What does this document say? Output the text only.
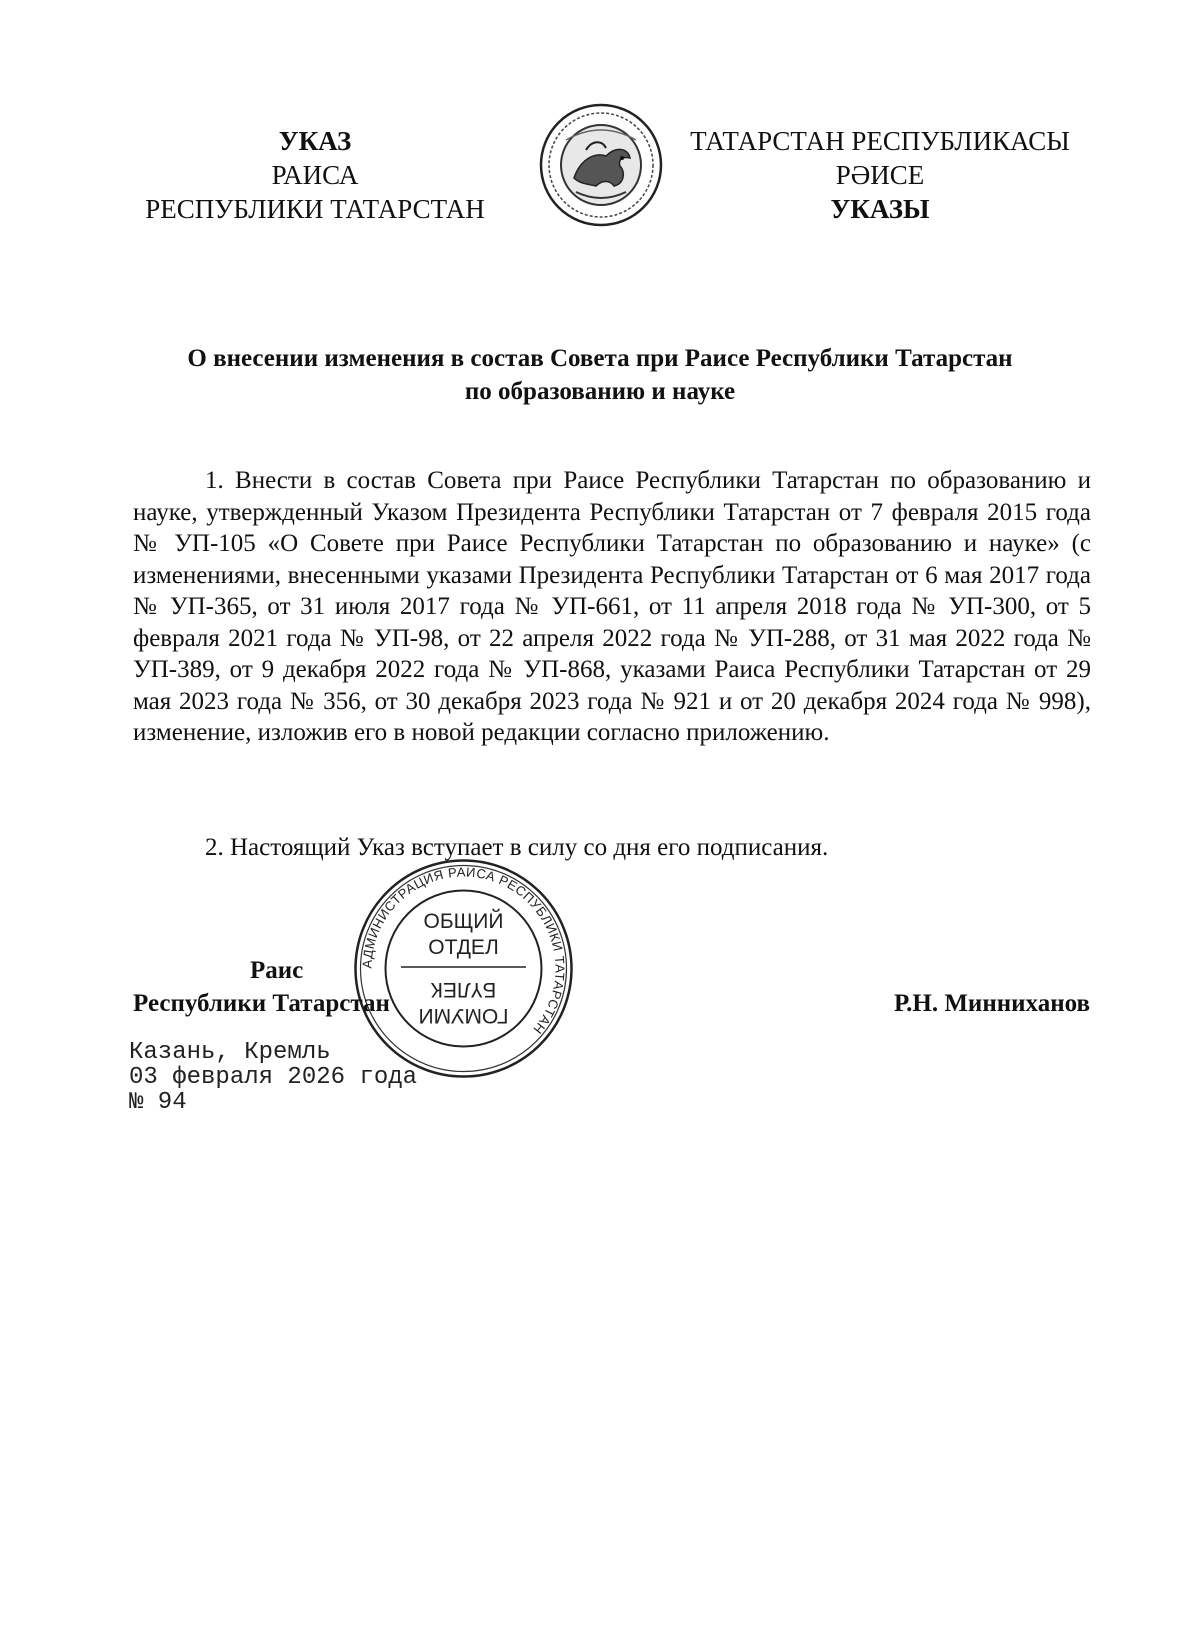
УКАЗ
РАИСА
РЕСПУБЛИКИ ТАТАРСТАН
ТАТАРСТАН РЕСПУБЛИКАСЫ
РӘИСЕ
УКАЗЫ
О внесении изменения в состав Совета при Раисе Республики Татарстан
по образованию и науке

1. Внести в состав Совета при Раисе Республики Татарстан по образованию и науке, утвержденный Указом Президента Республики Татарстан от 7 февраля 2015 года № УП-105 «О Совете при Раисе Республики Татарстан по образованию и науке» (с изменениями, внесенными указами Президента Республики Татарстан от 6 мая 2017 года № УП-365, от 31 июля 2017 года № УП-661, от 11 апреля 2018 года № УП-300, от 5 февраля 2021 года № УП-98, от 22 апреля 2022 года № УП-288, от 31 мая 2022 года № УП-389, от 9 декабря 2022 года № УП-868, указами Раиса Республики Татарстан от 29 мая 2023 года № 356, от 30 декабря 2023 года № 921 и от 20 декабря 2024 года № 998), изменение, изложив его в новой редакции согласно приложению.

2. Настоящий Указ вступает в силу со дня его подписания.

АДМИНИСТРАЦИЯ РАИСА РЕСПУБЛИКИ ТАТАРСТАН
ОБЩИЙ
ОТДЕЛ
ГОМУМИ
БҮЛЕК
Раис
Республики Татарстан	Р.Н. Минниханов
Казань, Кремль
03 февраля 2026 года
№ 94
